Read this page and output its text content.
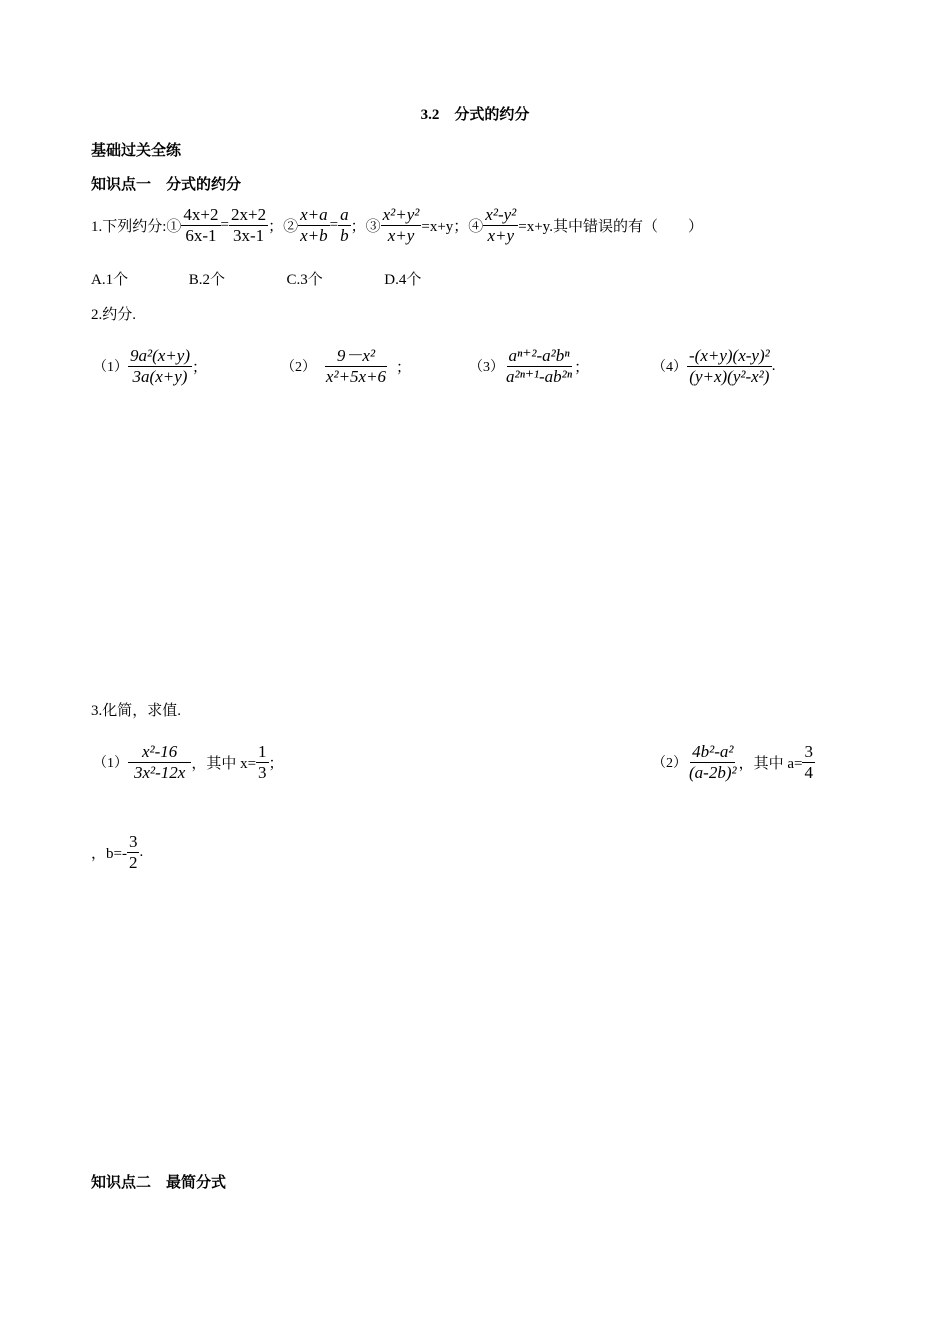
3.2　分式的约分
基础过关全练
知识点一　分式的约分
1.下列约分:① $\frac{4x+2}{6x-1} = \frac{2x+2}{3x-1}$ ；② $\frac{x+a}{x+b} = \frac{a}{b}$ ；③ $\frac{\text{x²+y²}}{x+y} =x+y$；④ $\frac{\text{x²-y²}}{x+y} =x+y$.其中错误的有（　　）
A.1个	B.2个	C.3个	D.4个
2.约分.
$(1) \frac{\text{9a²(x+y)}}{3a(x+y)}$ ；	$(2) \frac{\text{9－x²}}{\text{x²+5x+6}}$ ；	$(3) \frac{\text{aⁿ⁺²-a²bⁿ}}{\text{a²ⁿ⁺¹-ab²ⁿ}}$ ；	$(4) \frac{\text{-(x+y)(x-y)²}}{\text{(y+x)(y²-x²)}}$ .
3.化简，求值.
$(1) \frac{\text{x²-16}}{\text{3x²-12x}}$ ，其中 $x= \frac{1}{3}$ ；	$(2) \frac{\text{4b²-a²}}{\text{(a-2b)²}}$ ，其中 $a= \frac{3}{4}$
，$b=- \frac{3}{2}$ .
知识点二　最简分式
